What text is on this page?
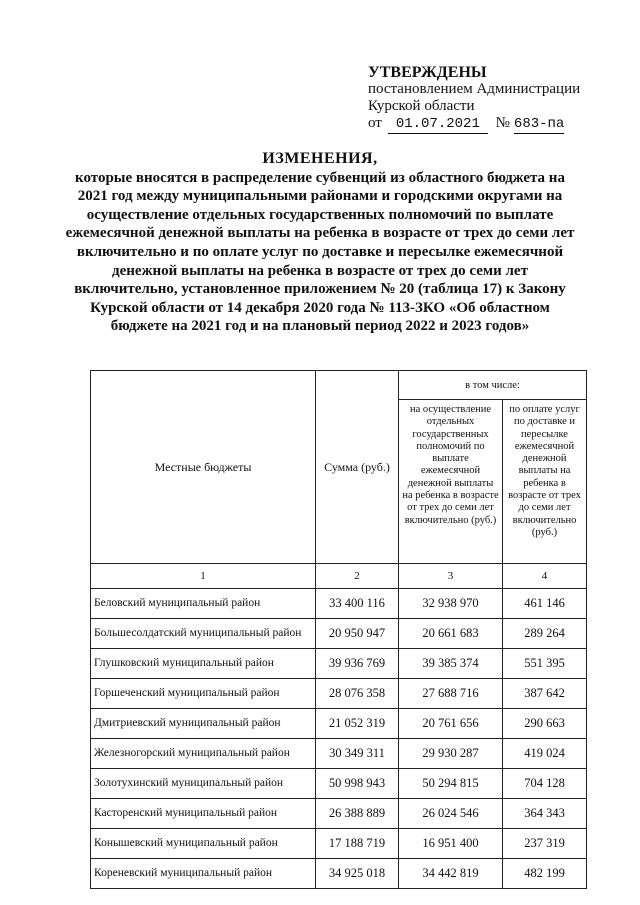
УТВЕРЖДЕНЫ
постановлением Администрации
Курской области
от 01.07.2021 № 683-па
ИЗМЕНЕНИЯ,
которые вносятся в распределение субвенций из областного бюджета на 2021 год между муниципальными районами и городскими округами на осуществление отдельных государственных полномочий по выплате ежемесячной денежной выплаты на ребенка в возрасте от трех до семи лет включительно и по оплате услуг по доставке и пересылке ежемесячной денежной выплаты на ребенка в возрасте от трех до семи лет включительно, установленное приложением № 20 (таблица 17) к Закону Курской области от 14 декабря 2020 года № 113-ЗКО «Об областном бюджете на 2021 год и на плановый период 2022 и 2023 годов»
Местные бюджеты	Сумма (руб.)	в том числе:	
		на осуществление отдельных государственных полномочий по выплате ежемесячной денежной выплаты на ребенка в возрасте от трех до семи лет включительно (руб.)	по оплате услуг по доставке и пересылке ежемесячной денежной выплаты на ребенка в возрасте от трех до семи лет включительно (руб.)
1	2	3	4
Беловский муниципальный район	33 400 116	32 938 970	461 146
Большесолдатский муниципальный район	20 950 947	20 661 683	289 264
Глушковский муниципальный район	39 936 769	39 385 374	551 395
Горшеченский муниципальный район	28 076 358	27 688 716	387 642
Дмитриевский муниципальный район	21 052 319	20 761 656	290 663
Железногорский муниципальный район	30 349 311	29 930 287	419 024
Золотухинский муниципальный район	50 998 943	50 294 815	704 128
Касторенский муниципальный район	26 388 889	26 024 546	364 343
Конышевский муниципальный район	17 188 719	16 951 400	237 319
Кореневский муниципальный район	34 925 018	34 442 819	482 199
